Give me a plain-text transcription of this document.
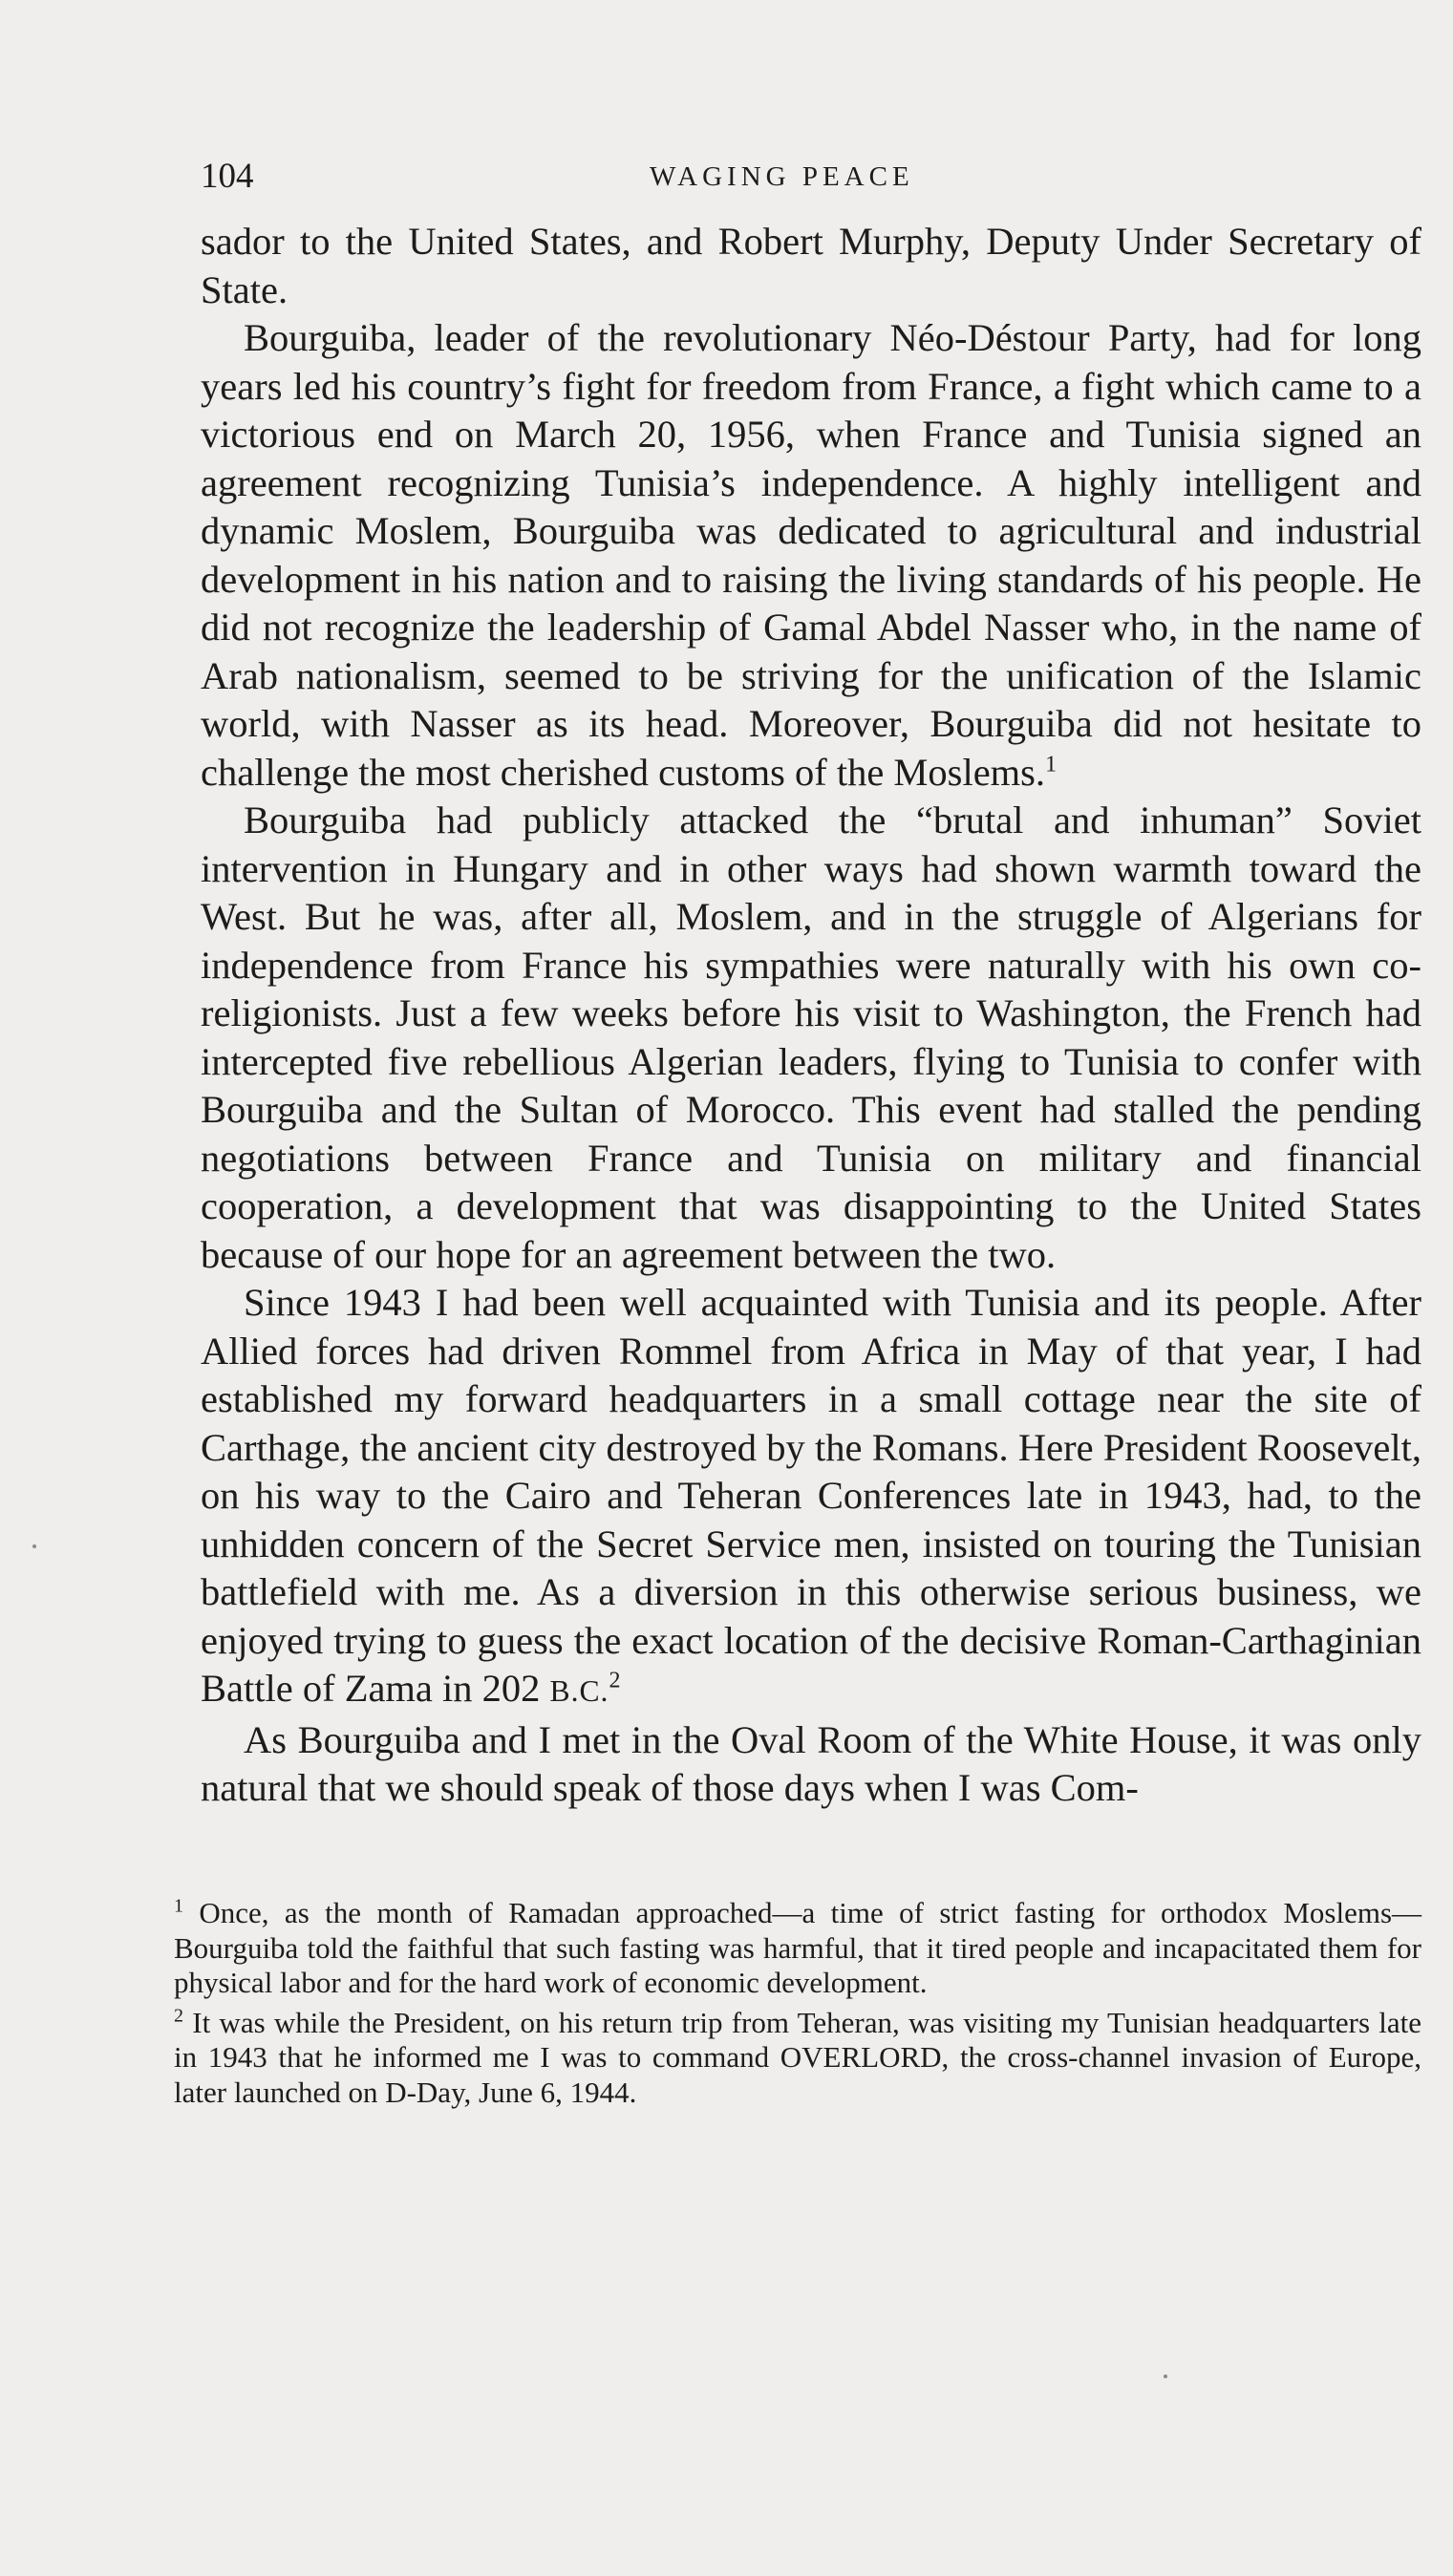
104	WAGING PEACE

sador to the United States, and Robert Murphy, Deputy Under Secretary of State.

Bourguiba, leader of the revolutionary Néo-Déstour Party, had for long years led his country’s fight for freedom from France, a fight which came to a victorious end on March 20, 1956, when France and Tunisia signed an agreement recognizing Tunisia’s independence. A highly intelligent and dynamic Moslem, Bourguiba was dedicated to agricultural and industrial development in his nation and to raising the living standards of his people. He did not recognize the leadership of Gamal Abdel Nasser who, in the name of Arab nationalism, seemed to be striving for the unification of the Islamic world, with Nasser as its head. Moreover, Bourguiba did not hesitate to challenge the most cherished customs of the Moslems.$^1$

Bourguiba had publicly attacked the “brutal and inhuman” Soviet intervention in Hungary and in other ways had shown warmth toward the West. But he was, after all, Moslem, and in the struggle of Algerians for independence from France his sympathies were naturally with his own co-religionists. Just a few weeks before his visit to Washington, the French had intercepted five rebellious Algerian leaders, flying to Tunisia to confer with Bourguiba and the Sultan of Morocco. This event had stalled the pending negotiations between France and Tunisia on military and financial cooperation, a development that was disappointing to the United States because of our hope for an agreement between the two.

Since 1943 I had been well acquainted with Tunisia and its people. After Allied forces had driven Rommel from Africa in May of that year, I had established my forward headquarters in a small cottage near the site of Carthage, the ancient city destroyed by the Romans. Here President Roosevelt, on his way to the Cairo and Teheran Conferences late in 1943, had, to the unhidden concern of the Secret Service men, insisted on touring the Tunisian battlefield with me. As a diversion in this otherwise serious business, we enjoyed trying to guess the exact location of the decisive Roman-Carthaginian Battle of Zama in 202 B.C.$^2$

As Bourguiba and I met in the Oval Room of the White House, it was only natural that we should speak of those days when I was Com-

$^1$ Once, as the month of Ramadan approached—a time of strict fasting for orthodox Moslems—Bourguiba told the faithful that such fasting was harmful, that it tired people and incapacitated them for physical labor and for the hard work of economic development.

$^2$ It was while the President, on his return trip from Teheran, was visiting my Tunisian headquarters late in 1943 that he informed me I was to command OVERLORD, the cross-channel invasion of Europe, later launched on D-Day, June 6, 1944.
